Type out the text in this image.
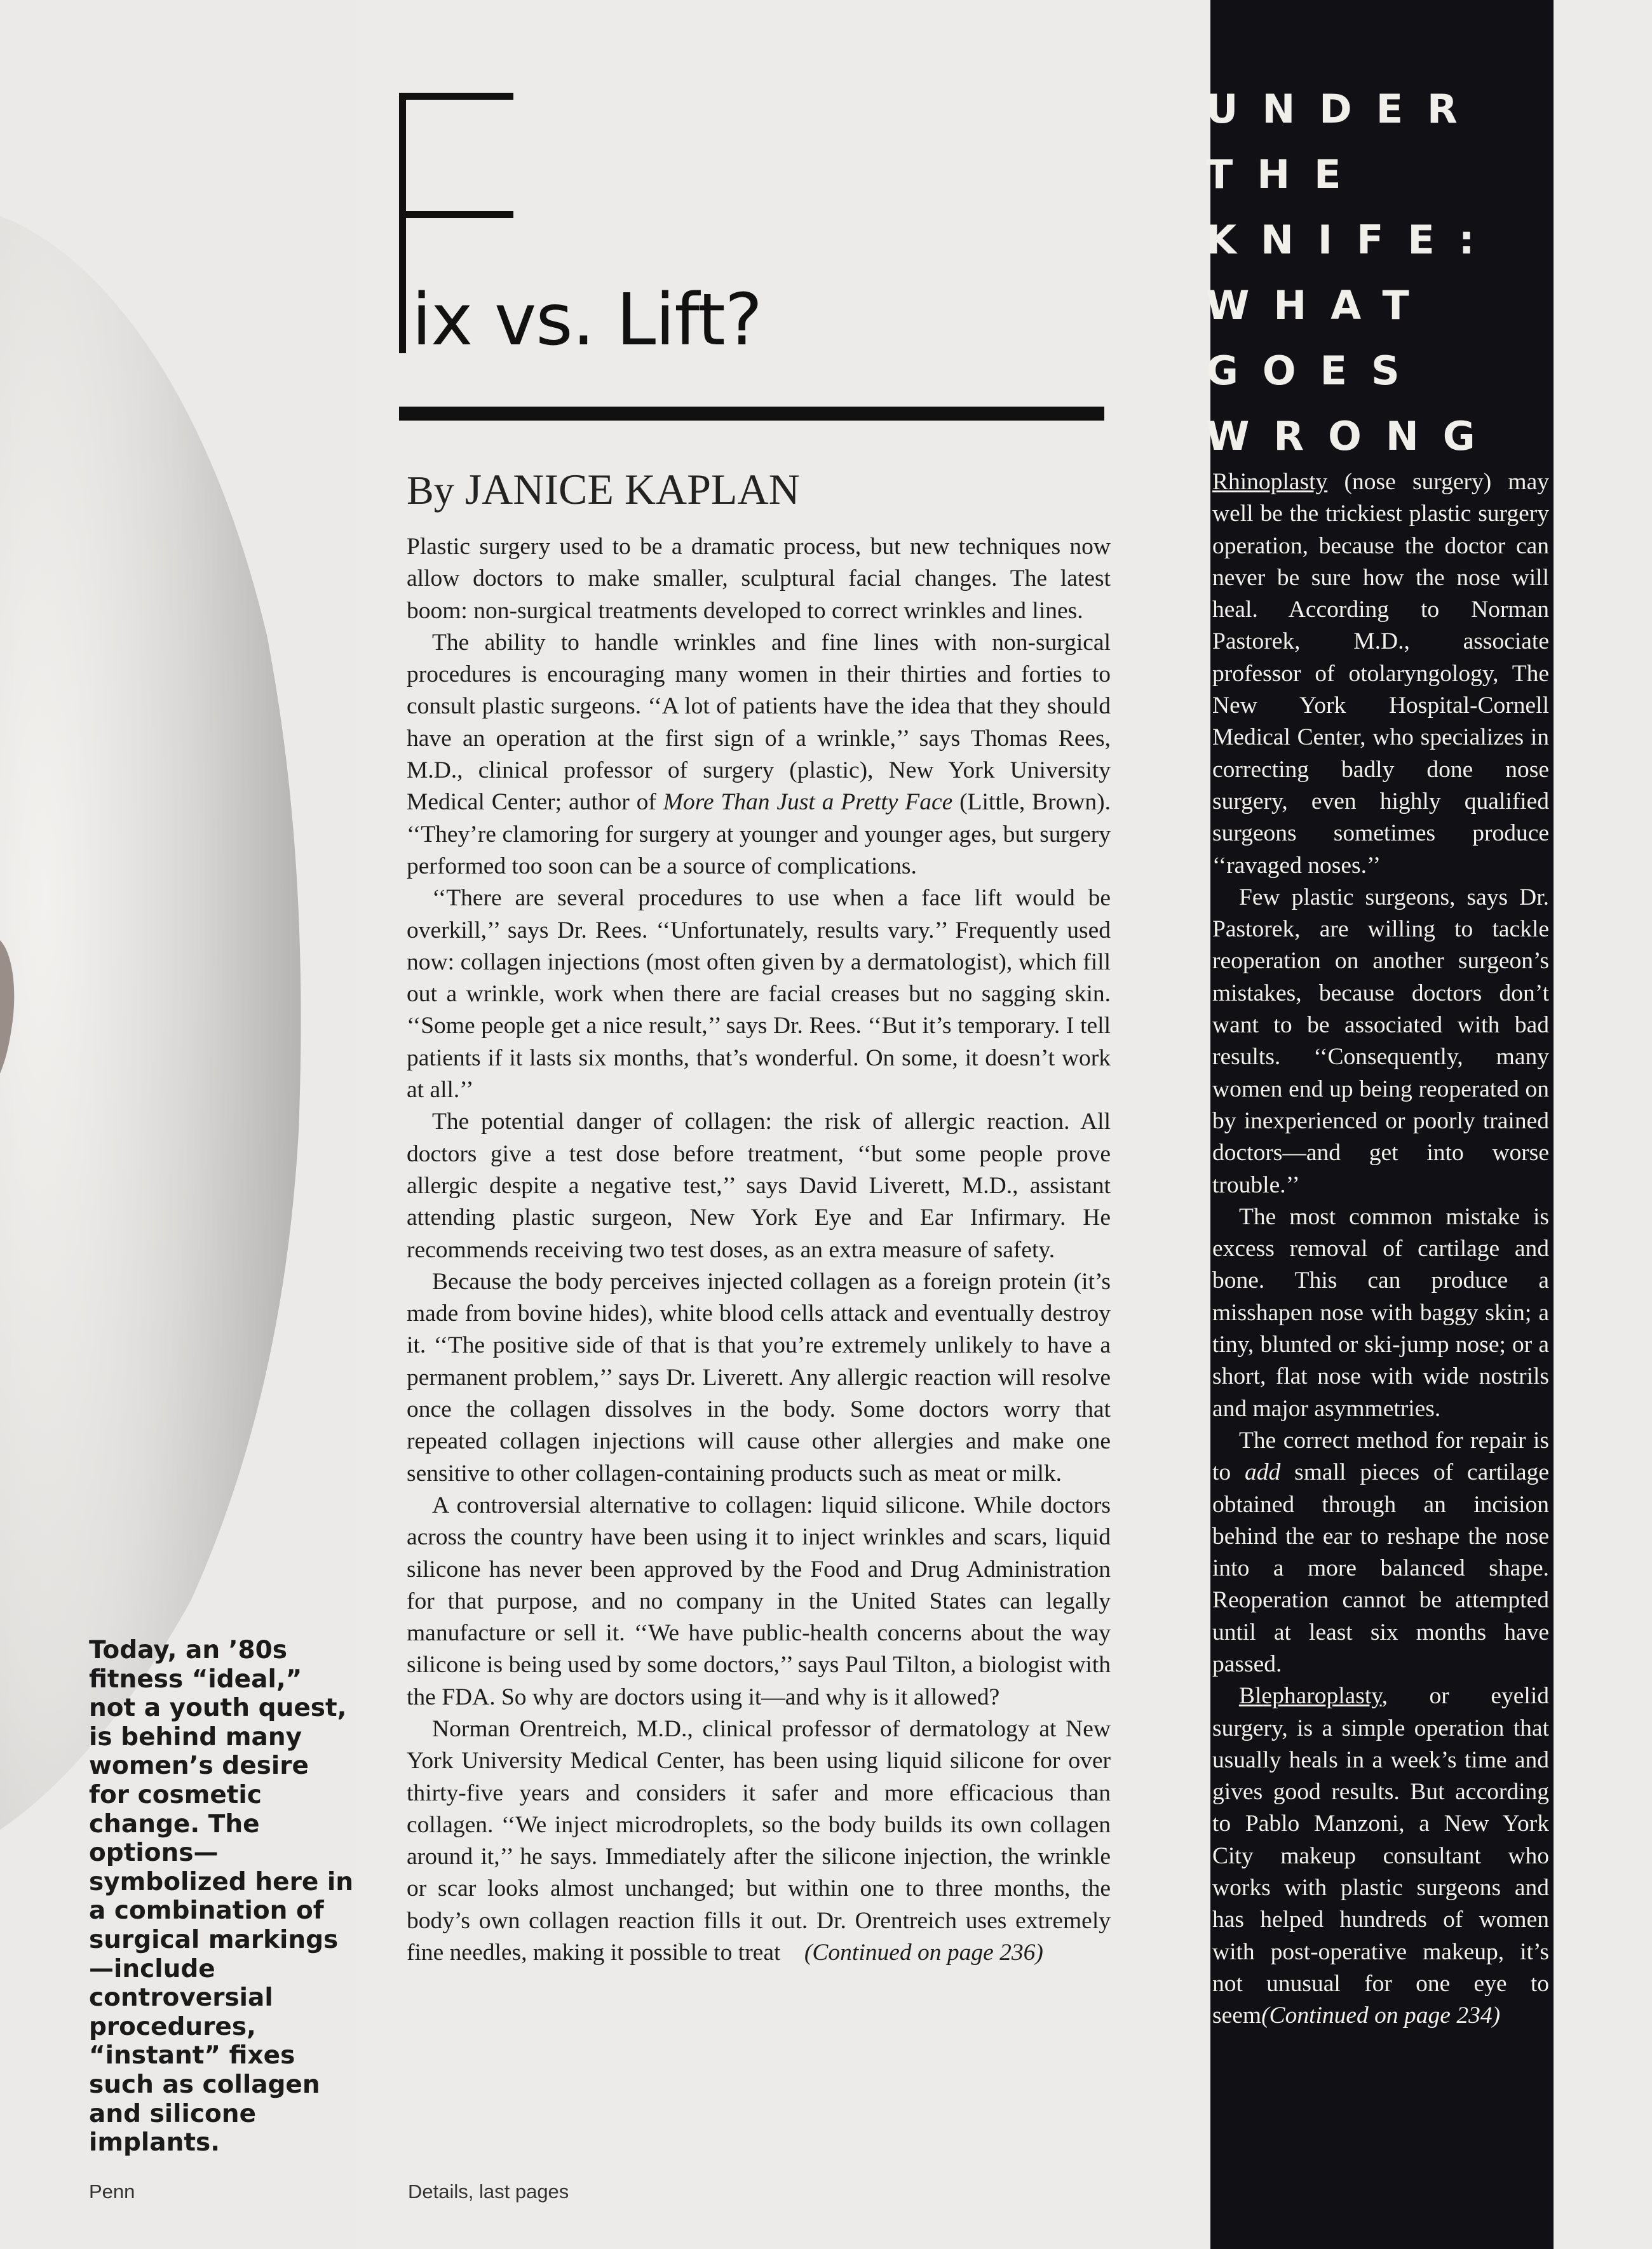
Today, an ’80s fitness “ideal,” not a youth quest, is behind many women’s desire for cosmetic change. The options—symbolized here in a combination of surgical markings—include controversial procedures, “instant” fixes such as collagen and silicone implants.
Penn	Details, last pages
ix vs. Lift?
By JANICE KAPLAN

Plastic surgery used to be a dramatic process, but new techniques now allow doctors to make smaller, sculptural facial changes. The latest boom: non-surgical treatments developed to correct wrinkles and lines.

The ability to handle wrinkles and fine lines with non-surgical procedures is encouraging many women in their thirties and forties to consult plastic surgeons. ‘‘A lot of patients have the idea that they should have an operation at the first sign of a wrinkle,’’ says Thomas Rees, M.D., clinical professor of surgery (plastic), New York University Medical Center; author of More Than Just a Pretty Face (Little, Brown). ‘‘They’re clamoring for surgery at younger and younger ages, but surgery performed too soon can be a source of complications.

‘‘There are several procedures to use when a face lift would be overkill,’’ says Dr. Rees. ‘‘Unfortunately, results vary.’’ Frequently used now: collagen injections (most often given by a dermatologist), which fill out a wrinkle, work when there are facial creases but no sagging skin. ‘‘Some people get a nice result,’’ says Dr. Rees. ‘‘But it’s temporary. I tell patients if it lasts six months, that’s wonderful. On some, it doesn’t work at all.’’

The potential danger of collagen: the risk of allergic reaction. All doctors give a test dose before treatment, ‘‘but some people prove allergic despite a negative test,’’ says David Liverett, M.D., assistant attending plastic surgeon, New York Eye and Ear Infirmary. He recommends receiving two test doses, as an extra measure of safety.

Because the body perceives injected collagen as a foreign protein (it’s made from bovine hides), white blood cells attack and eventually destroy it. ‘‘The positive side of that is that you’re extremely unlikely to have a permanent problem,’’ says Dr. Liverett. Any allergic reaction will resolve once the collagen dissolves in the body. Some doctors worry that repeated collagen injections will cause other allergies and make one sensitive to other collagen-containing products such as meat or milk.

A controversial alternative to collagen: liquid silicone. While doctors across the country have been using it to inject wrinkles and scars, liquid silicone has never been approved by the Food and Drug Administration for that purpose, and no company in the United States can legally manufacture or sell it. ‘‘We have public-health concerns about the way silicone is being used by some doctors,’’ says Paul Tilton, a biologist with the FDA. So why are doctors using it—and why is it allowed?

Norman Orentreich, M.D., clinical professor of dermatology at New York University Medical Center, has been using liquid silicone for over thirty-five years and considers it safer and more efficacious than collagen. ‘‘We inject microdroplets, so the body builds its own collagen around it,’’ he says. Immediately after the silicone injection, the wrinkle or scar looks almost unchanged; but within one to three months, the body’s own collagen reaction fills it out. Dr. Orentreich uses extremely fine needles, making it possible to treat (Continued on page 236)

UNDER
THE
KNIFE:
WHAT
GOES
WRONG

Rhinoplasty (nose surgery) may well be the trickiest plastic surgery operation, because the doctor can never be sure how the nose will heal. According to Norman Pastorek, M.D., associate professor of otolaryngology, The New York Hospital-Cornell Medical Center, who specializes in correcting badly done nose surgery, even highly qualified surgeons sometimes produce ‘‘ravaged noses.’’

Few plastic surgeons, says Dr. Pastorek, are willing to tackle reoperation on another surgeon’s mistakes, because doctors don’t want to be associated with bad results. ‘‘Consequently, many women end up being reoperated on by inexperienced or poorly trained doctors—and get into worse trouble.’’

The most common mistake is excess removal of cartilage and bone. This can produce a misshapen nose with baggy skin; a tiny, blunted or ski-jump nose; or a short, flat nose with wide nostrils and major asymmetries.

The correct method for repair is to add small pieces of cartilage obtained through an incision behind the ear to reshape the nose into a more balanced shape. Reoperation cannot be attempted until at least six months have passed.

Blepharoplasty, or eyelid surgery, is a simple operation that usually heals in a week’s time and gives good results. But according to Pablo Manzoni, a New York City makeup consultant who works with plastic surgeons and has helped hundreds of women with post-operative makeup, it’s not unusual for one eye to seem(Continued on page 234)
